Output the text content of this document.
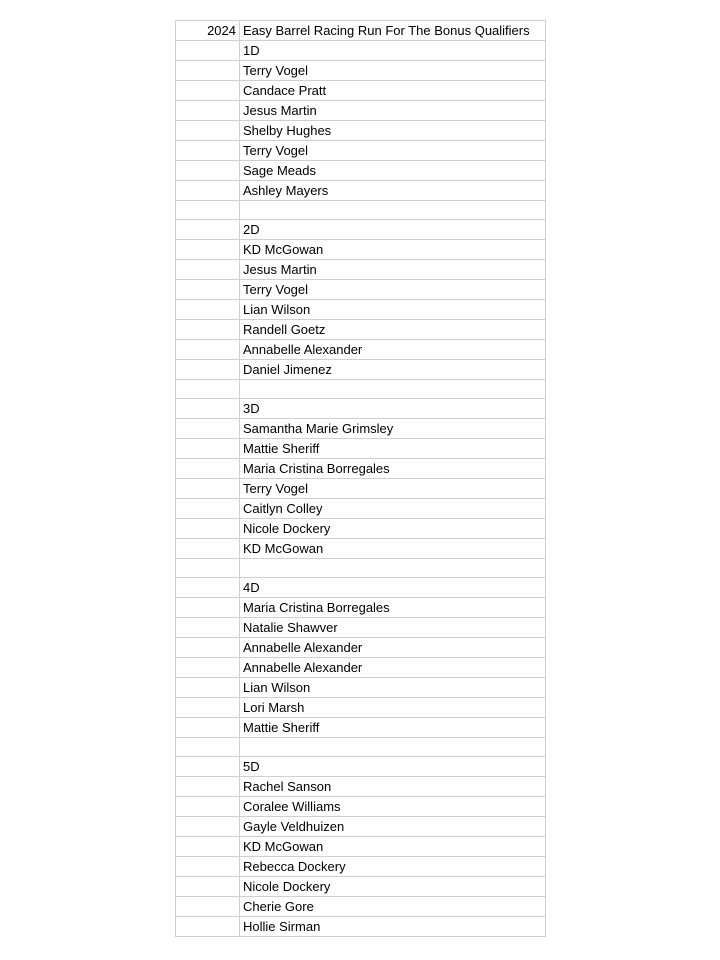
2024	Easy Barrel Racing Run For The Bonus Qualifiers
	1D
	Terry Vogel
	Candace Pratt
	Jesus Martin
	Shelby Hughes
	Terry Vogel
	Sage Meads
	Ashley Mayers

	2D
	KD McGowan
	Jesus Martin
	Terry Vogel
	Lian Wilson
	Randell Goetz
	Annabelle Alexander
	Daniel Jimenez

	3D
	Samantha Marie Grimsley
	Mattie Sheriff
	Maria Cristina Borregales
	Terry Vogel
	Caitlyn Colley
	Nicole Dockery
	KD McGowan

	4D
	Maria Cristina Borregales
	Natalie Shawver
	Annabelle Alexander
	Annabelle Alexander
	Lian Wilson
	Lori Marsh
	Mattie Sheriff

	5D
	Rachel Sanson
	Coralee Williams
	Gayle Veldhuizen
	KD McGowan
	Rebecca Dockery
	Nicole Dockery
	Cherie Gore
	Hollie Sirman
